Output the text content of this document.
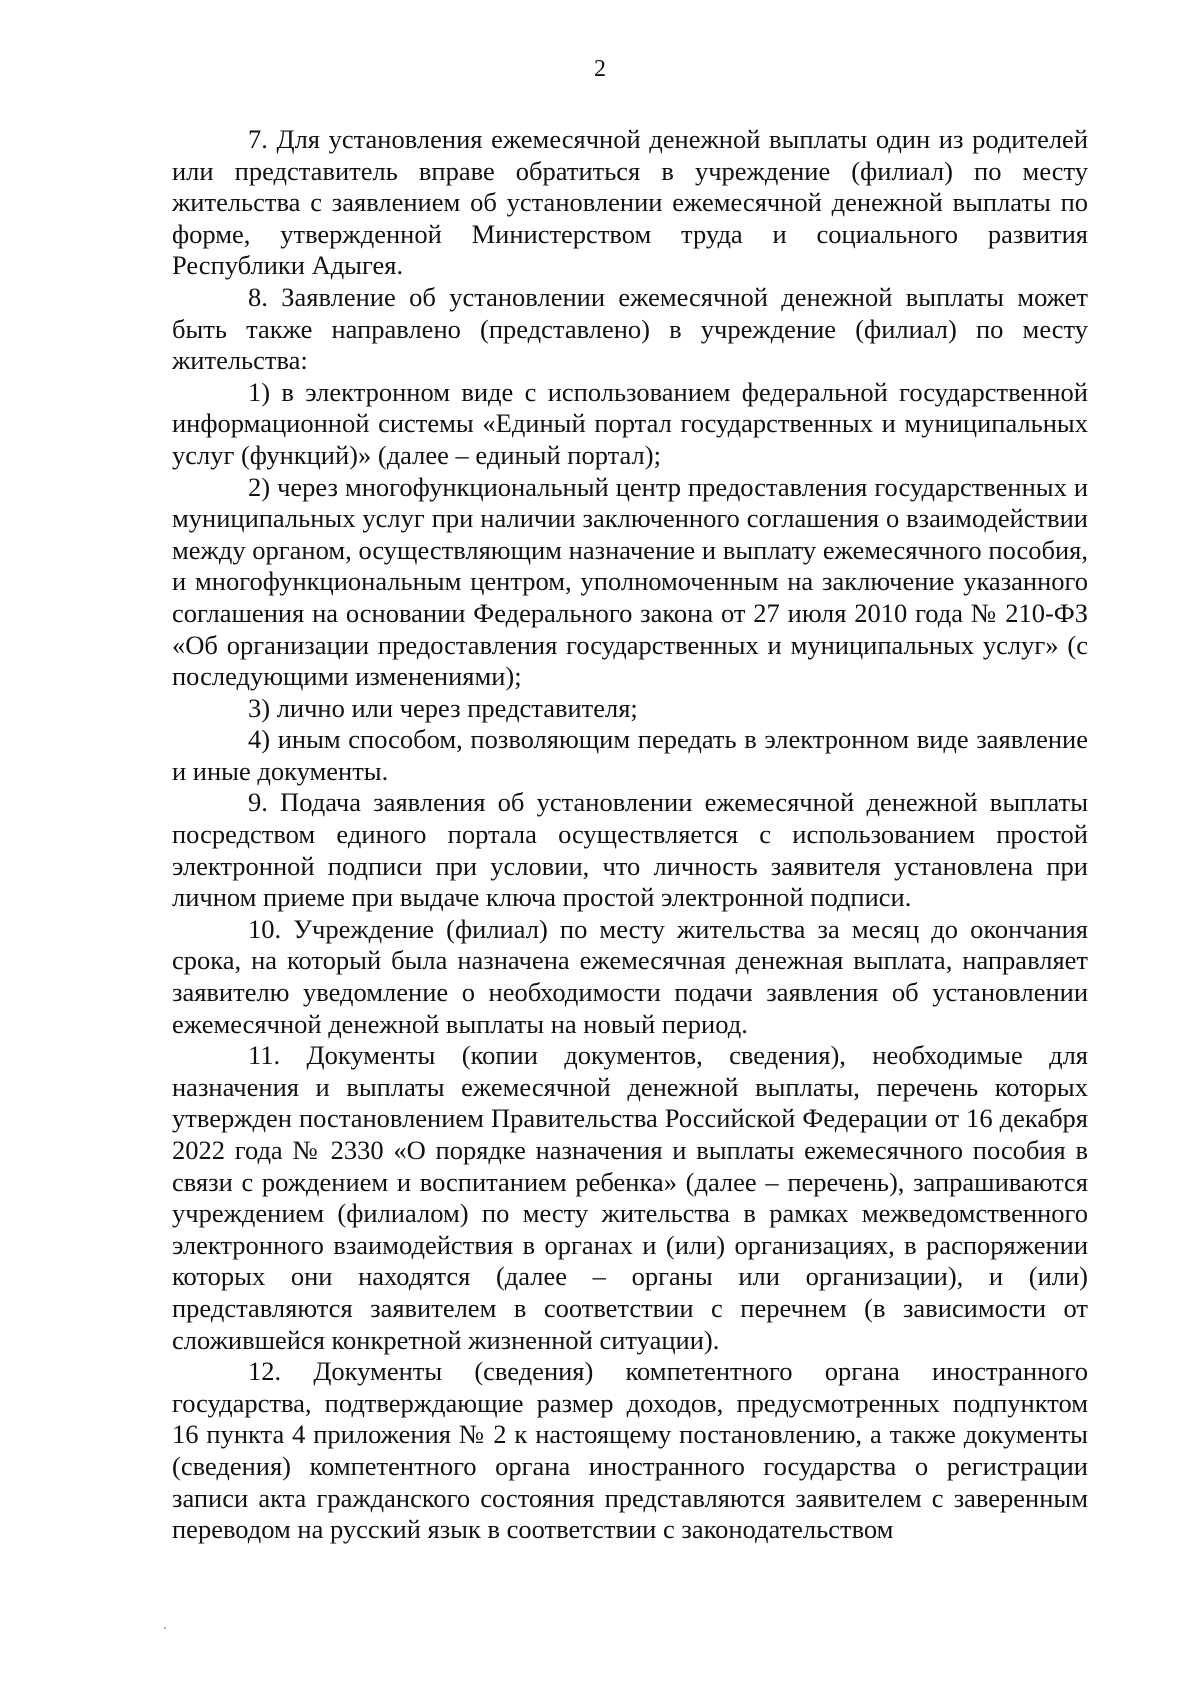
2

7. Для установления ежемесячной денежной выплаты один из родителей или представитель вправе обратиться в учреждение (филиал) по месту жительства с заявлением об установлении ежемесячной денежной выплаты по форме, утвержденной Министерством труда и социального развития Республики Адыгея.

8. Заявление об установлении ежемесячной денежной выплаты может быть также направлено (представлено) в учреждение (филиал) по месту жительства:

1) в электронном виде с использованием федеральной государственной информационной системы «Единый портал государственных и муниципальных услуг (функций)» (далее – единый портал);

2) через многофункциональный центр предоставления государственных и муниципальных услуг при наличии заключенного соглашения о взаимодействии между органом, осуществляющим назначение и выплату ежемесячного пособия, и многофункциональным центром, уполномоченным на заключение указанного соглашения на основании Федерального закона от 27 июля 2010 года № 210-ФЗ «Об организации предоставления государственных и муниципальных услуг» (с последующими изменениями);

3) лично или через представителя;

4) иным способом, позволяющим передать в электронном виде заявление и иные документы.

9. Подача заявления об установлении ежемесячной денежной выплаты посредством единого портала осуществляется с использованием простой электронной подписи при условии, что личность заявителя установлена при личном приеме при выдаче ключа простой электронной подписи.

10. Учреждение (филиал) по месту жительства за месяц до окончания срока, на который была назначена ежемесячная денежная выплата, направляет заявителю уведомление о необходимости подачи заявления об установлении ежемесячной денежной выплаты на новый период.

11. Документы (копии документов, сведения), необходимые для назначения и выплаты ежемесячной денежной выплаты, перечень которых утвержден постановлением Правительства Российской Федерации от 16 декабря 2022 года № 2330 «О порядке назначения и выплаты ежемесячного пособия в связи с рождением и воспитанием ребенка» (далее – перечень), запрашиваются учреждением (филиалом) по месту жительства в рамках межведомственного электронного взаимодействия в органах и (или) организациях, в распоряжении которых они находятся (далее – органы или организации), и (или) представляются заявителем в соответствии с перечнем (в зависимости от сложившейся конкретной жизненной ситуации).

12. Документы (сведения) компетентного органа иностранного государства, подтверждающие размер доходов, предусмотренных подпунктом 16 пункта 4 приложения № 2 к настоящему постановлению, а также документы (сведения) компетентного органа иностранного государства о регистрации записи акта гражданского состояния представляются заявителем с заверенным переводом на русский язык в соответствии с законодательством
